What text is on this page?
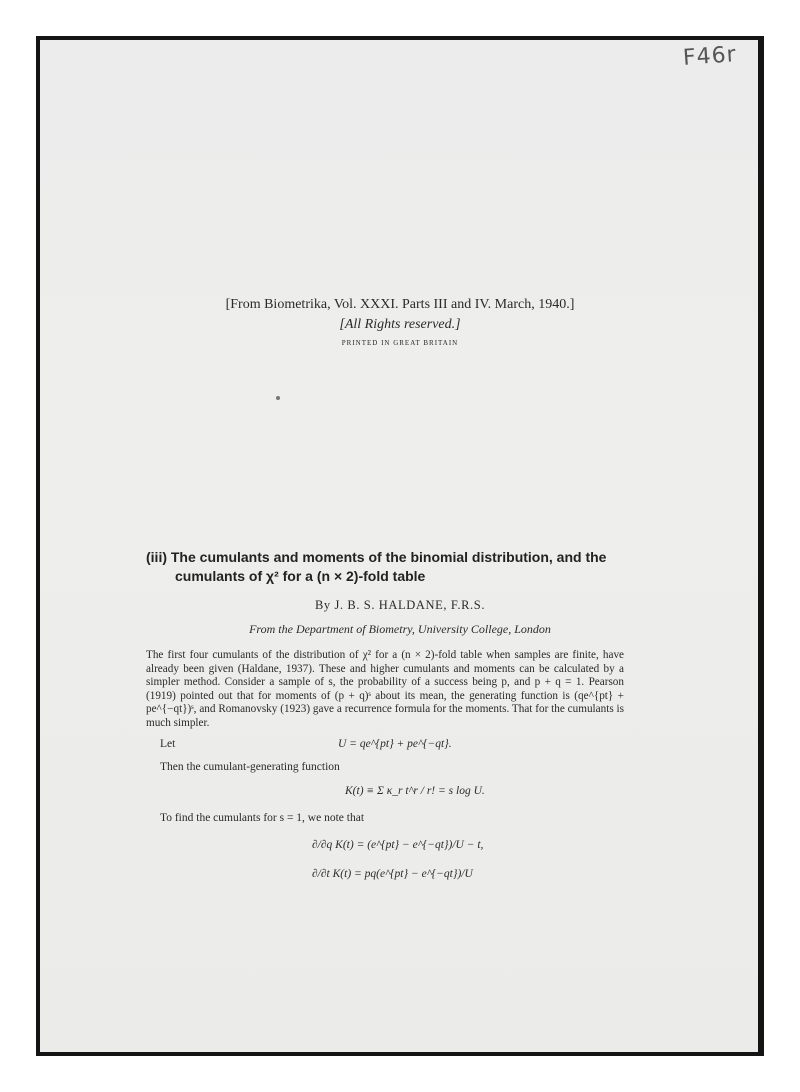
F46r
[From Biometrika, Vol. XXXI. Parts III and IV. March, 1940.]
[All Rights reserved.]
PRINTED IN GREAT BRITAIN
(iii) The cumulants and moments of the binomial distribution, and the
cumulants of χ² for a (n × 2)-fold table
By J. B. S. HALDANE, F.R.S.
From the Department of Biometry, University College, London
The first four cumulants of the distribution of χ² for a (n × 2)-fold table when samples are finite, have already been given (Haldane, 1937). These and higher cumulants and moments can be calculated by a simpler method. Consider a sample of s, the probability of a success being p, and p + q = 1. Pearson (1919) pointed out that for moments of (p + q)ˢ about its mean, the generating function is (qe^{pt} + pe^{−qt})ˢ, and Romanovsky (1923) gave a recurrence formula for the moments. That for the cumulants is much simpler.
Let	U = qe^{pt} + pe^{−qt}.
Then the cumulant-generating function
K(t) ≡ Σ κ_r t^r / r! = s log U.
To find the cumulants for s = 1, we note that
∂/∂q K(t) = (e^{pt} − e^{−qt})/U − t,
∂/∂t K(t) = pq(e^{pt} − e^{−qt})/U
